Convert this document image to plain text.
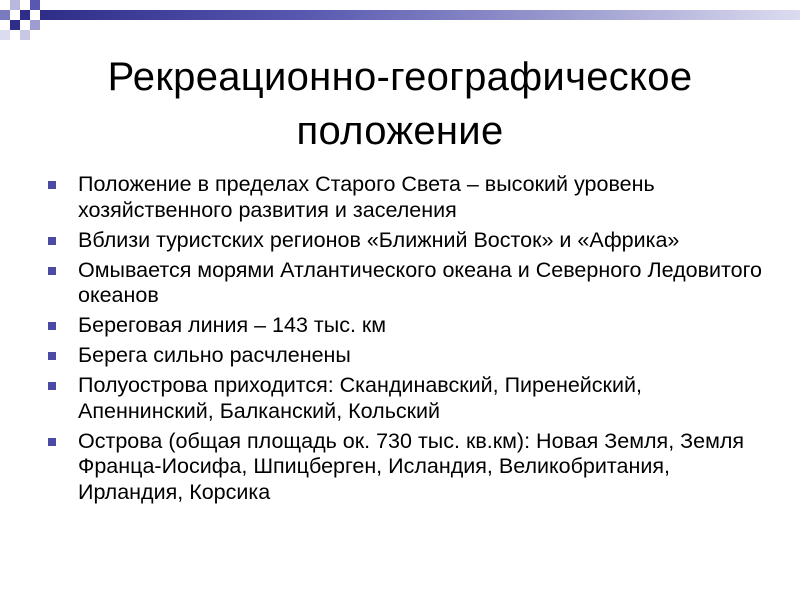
Рекреационно-географическое положение
Положение в пределах Старого Света – высокий уровень хозяйственного развития и заселения
Вблизи туристских регионов «Ближний Восток» и «Африка»
Омывается морями Атлантического океана и Северного Ледовитого океанов
Береговая линия – 143 тыс. км
Берега сильно расчленены
Полуострова приходится: Скандинавский, Пиренейский, Апеннинский, Балканский, Кольский
Острова (общая площадь ок. 730 тыс. кв.км): Новая Земля, Земля Франца-Иосифа, Шпицберген, Исландия, Великобритания, Ирландия, Корсика
